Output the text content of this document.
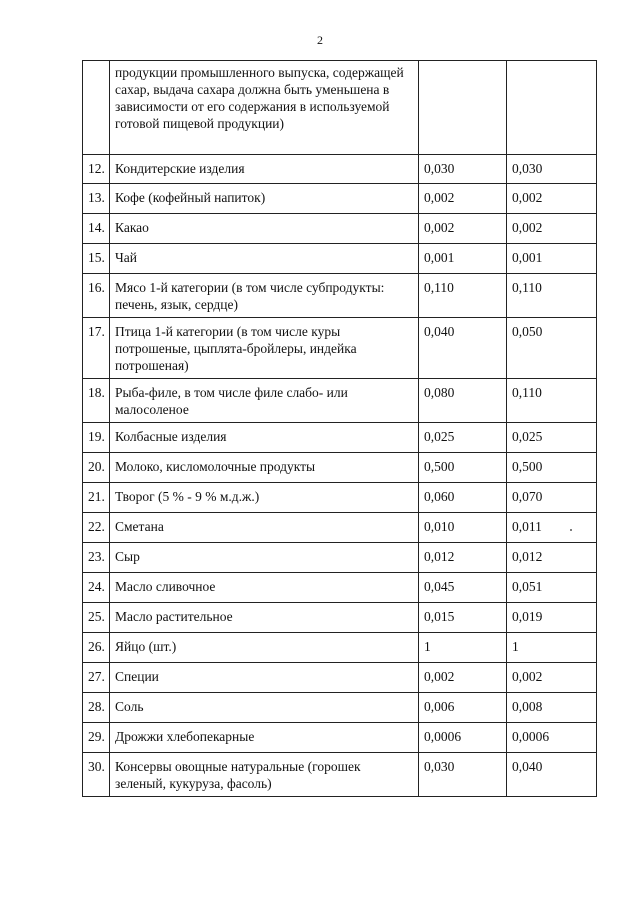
2
	продукции промышленного выпуска, содержащей сахар, выдача сахара должна быть уменьшена в зависимости от его содержания в используемой готовой пищевой продукции)		
12.	Кондитерские изделия	0,030	0,030
13.	Кофе (кофейный напиток)	0,002	0,002
14.	Какао	0,002	0,002
15.	Чай	0,001	0,001
16.	Мясо 1-й категории (в том числе субпродукты: печень, язык, сердце)	0,110	0,110
17.	Птица 1-й категории (в том числе куры потрошеные, цыплята-бройлеры, индейка потрошеная)	0,040	0,050
18.	Рыба-филе, в том числе филе слабо- или малосоленое	0,080	0,110
19.	Колбасные изделия	0,025	0,025
20.	Молоко, кисломолочные продукты	0,500	0,500
21.	Творог (5 % - 9 % м.д.ж.)	0,060	0,070
22.	Сметана	0,010	0,011
23.	Сыр	0,012	0,012
24.	Масло сливочное	0,045	0,051
25.	Масло растительное	0,015	0,019
26.	Яйцо (шт.)	1	1
27.	Специи	0,002	0,002
28.	Соль	0,006	0,008
29.	Дрожжи хлебопекарные	0,0006	0,0006
30.	Консервы овощные натуральные (горошек зеленый, кукуруза, фасоль)	0,030	0,040
